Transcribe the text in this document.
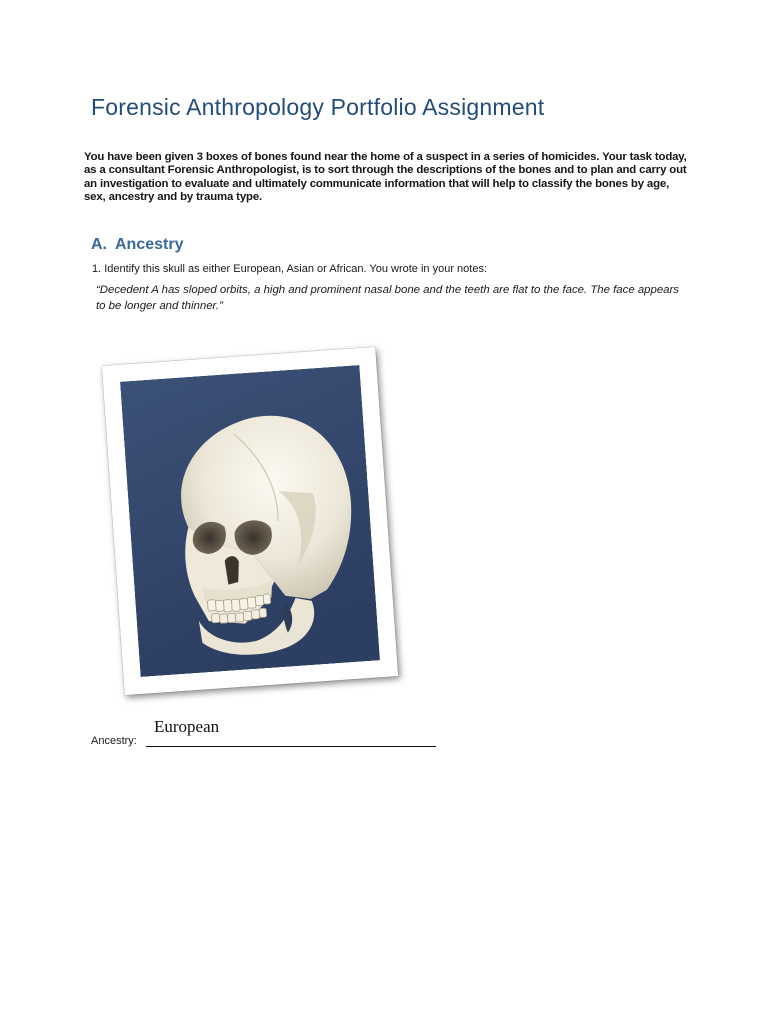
Forensic Anthropology Portfolio Assignment
You have been given 3 boxes of bones found near the home of a suspect in a series of homicides. Your task today, as a consultant Forensic Anthropologist, is to sort through the descriptions of the bones and to plan and carry out an investigation to evaluate and ultimately communicate information that will help to classify the bones by age, sex, ancestry and by trauma type.
A. Ancestry
1. Identify this skull as either European, Asian or African. You wrote in your notes:
“Decedent A has sloped orbits, a high and prominent nasal bone and the teeth are flat to the face. The face appears to be longer and thinner.”
European
Ancestry:
